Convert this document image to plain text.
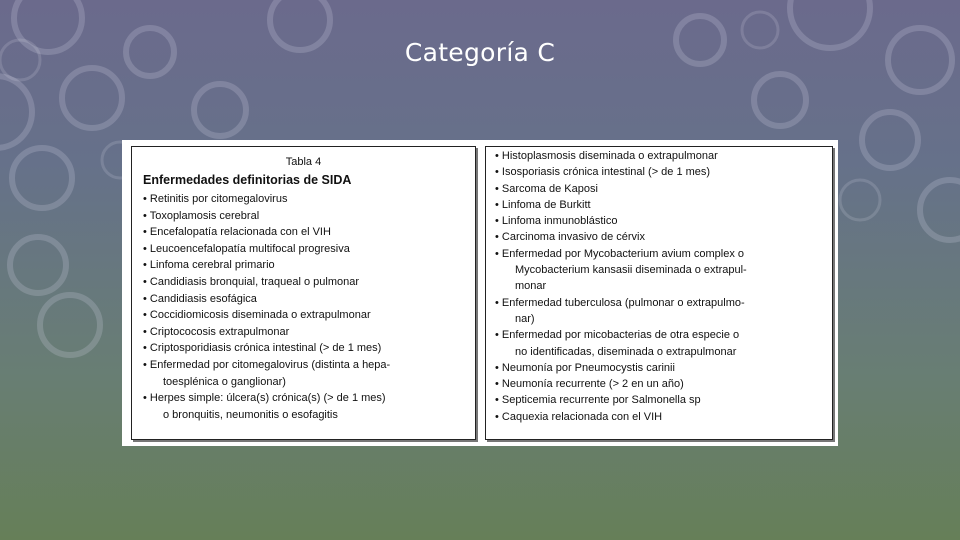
Categoría C
Tabla 4
Enfermedades definitorias de SIDA
• Retinitis por citomegalovirus
• Toxoplamosis cerebral
• Encefalopatía relacionada con el VIH
• Leucoencefalopatía multifocal progresiva
• Linfoma cerebral primario
• Candidiasis bronquial, traqueal o pulmonar
• Candidiasis esofágica
• Coccidiomicosis diseminada o extrapulmonar
• Criptococosis extrapulmonar
• Criptosporidiasis crónica intestinal (> de 1 mes)
• Enfermedad por citomegalovirus (distinta a hepa-
toesplénica o ganglionar)
• Herpes simple: úlcera(s) crónica(s) (> de 1 mes)
o bronquitis, neumonitis o esofagitis
• Histoplasmosis diseminada o extrapulmonar
• Isosporiasis crónica intestinal (> de 1 mes)
• Sarcoma de Kaposi
• Linfoma de Burkitt
• Linfoma inmunoblástico
• Carcinoma invasivo de cérvix
• Enfermedad por Mycobacterium avium complex o
Mycobacterium kansasii diseminada o extrapul-
monar
• Enfermedad tuberculosa (pulmonar o extrapulmo-
nar)
• Enfermedad por micobacterias de otra especie o
no identificadas, diseminada o extrapulmonar
• Neumonía por Pneumocystis carinii
• Neumonía recurrente (> 2 en un año)
• Septicemia recurrente por Salmonella sp
• Caquexia relacionada con el VIH
